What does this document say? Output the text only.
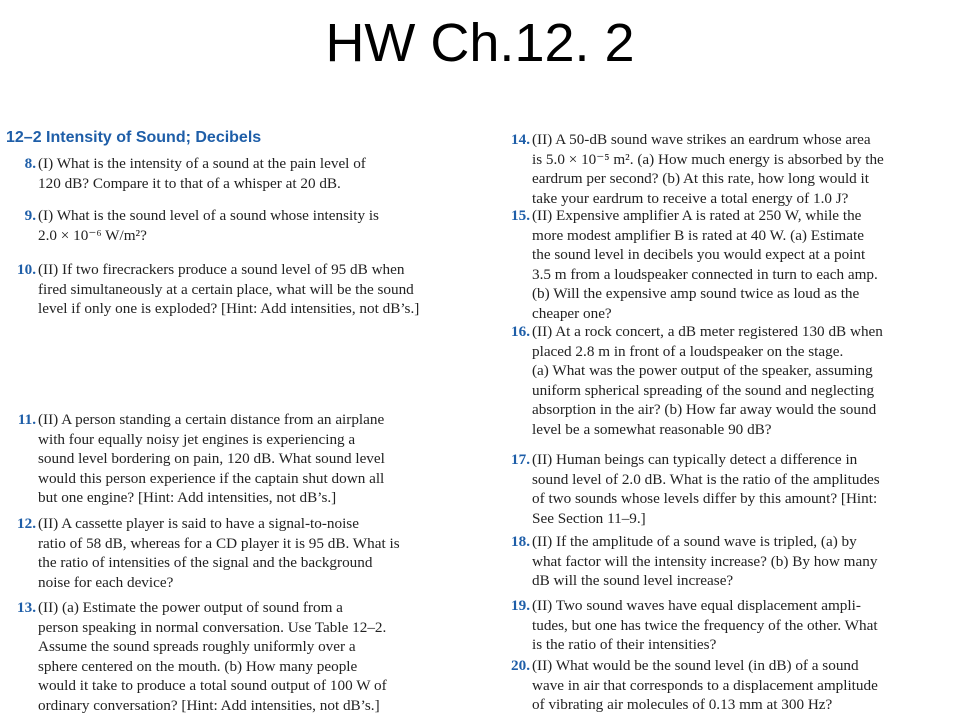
HW Ch.12. 2
12–2 Intensity of Sound; Decibels
8. (I) What is the intensity of a sound at the pain level of
120 dB? Compare it to that of a whisper at 20 dB.
9. (I) What is the sound level of a sound whose intensity is
2.0 × 10⁻⁶ W/m²?
10. (II) If two firecrackers produce a sound level of 95 dB when
fired simultaneously at a certain place, what will be the sound
level if only one is exploded? [Hint: Add intensities, not dB’s.]
11. (II) A person standing a certain distance from an airplane
with four equally noisy jet engines is experiencing a
sound level bordering on pain, 120 dB. What sound level
would this person experience if the captain shut down all
but one engine? [Hint: Add intensities, not dB’s.]
12. (II) A cassette player is said to have a signal-to-noise
ratio of 58 dB, whereas for a CD player it is 95 dB. What is
the ratio of intensities of the signal and the background
noise for each device?
13. (II) (a) Estimate the power output of sound from a
person speaking in normal conversation. Use Table 12–2.
Assume the sound spreads roughly uniformly over a
sphere centered on the mouth. (b) How many people
would it take to produce a total sound output of 100 W of
ordinary conversation? [Hint: Add intensities, not dB’s.]
14. (II) A 50-dB sound wave strikes an eardrum whose area
is 5.0 × 10⁻⁵ m². (a) How much energy is absorbed by the
eardrum per second? (b) At this rate, how long would it
take your eardrum to receive a total energy of 1.0 J?
15. (II) Expensive amplifier A is rated at 250 W, while the
more modest amplifier B is rated at 40 W. (a) Estimate
the sound level in decibels you would expect at a point
3.5 m from a loudspeaker connected in turn to each amp.
(b) Will the expensive amp sound twice as loud as the
cheaper one?
16. (II) At a rock concert, a dB meter registered 130 dB when
placed 2.8 m in front of a loudspeaker on the stage.
(a) What was the power output of the speaker, assuming
uniform spherical spreading of the sound and neglecting
absorption in the air? (b) How far away would the sound
level be a somewhat reasonable 90 dB?
17. (II) Human beings can typically detect a difference in
sound level of 2.0 dB. What is the ratio of the amplitudes
of two sounds whose levels differ by this amount? [Hint:
See Section 11–9.]
18. (II) If the amplitude of a sound wave is tripled, (a) by
what factor will the intensity increase? (b) By how many
dB will the sound level increase?
19. (II) Two sound waves have equal displacement ampli-
tudes, but one has twice the frequency of the other. What
is the ratio of their intensities?
20. (II) What would be the sound level (in dB) of a sound
wave in air that corresponds to a displacement amplitude
of vibrating air molecules of 0.13 mm at 300 Hz?
